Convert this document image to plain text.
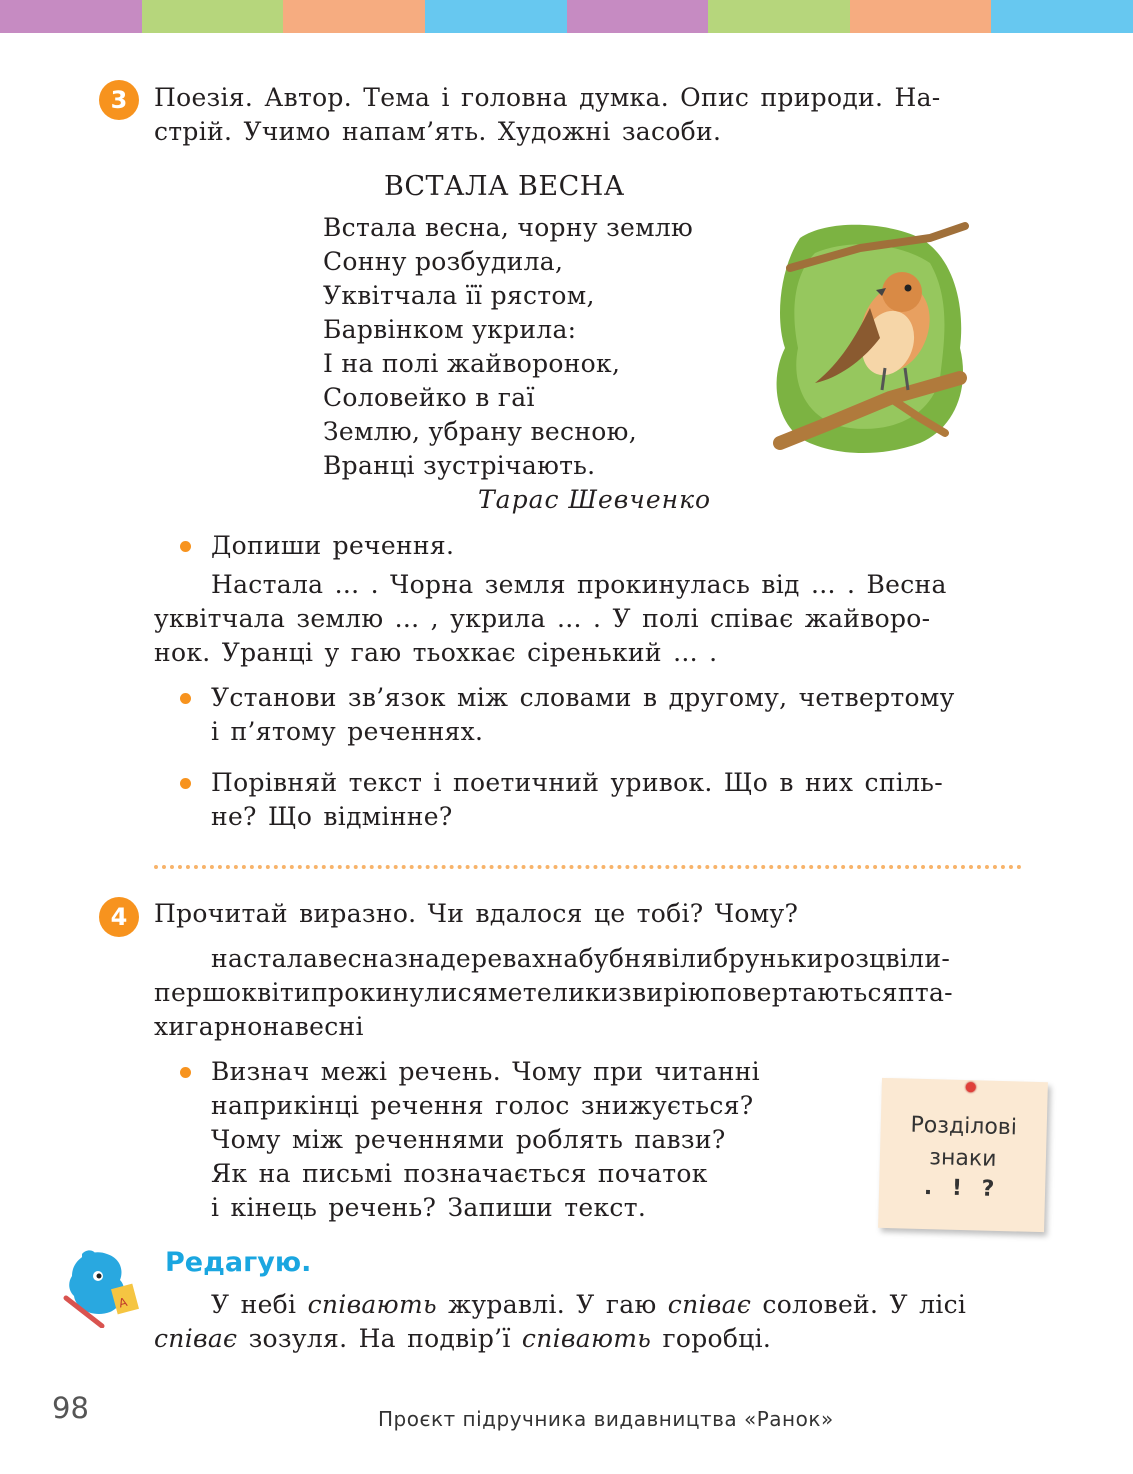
3	Поезія. Автор. Тема і головна думка. Опис природи. На-
стрій. Учимо напам’ять. Художні засоби.
ВСТАЛА ВЕСНА
Встала весна, чорну землю
Сонну розбудила,
Уквітчала її рястом,
Барвінком укрила:
І на полі жайворонок,
Соловейко в гаї
Землю, убрану весною,
Вранці зустрічають.
Тарас Шевченко
Допиши речення.
Настала ... . Чорна земля прокинулась від ... . Весна
уквітчала землю ... , укрила ... . У полі співає жайворо-
нок. Уранці у гаю тьохкає сіренький ... .
Установи зв’язок між словами в другому, четвертому
і п’ятому реченнях.
Порівняй текст і поетичний уривок. Що в них спіль-
не? Що відмінне?
4	Прочитай виразно. Чи вдалося це тобі? Чому?
насталавесназнадеревахнабубнявілибрунькирозцвіли-
першоквітипрокинулисяметеликизвиріюповертаютьсяпта-
хигарнонавесні
Визнач межі речень. Чому при читанні
наприкінці речення голос знижується?
Чому між реченнями роблять павзи?
Як на письмі позначається початок
і кінець речень? Запиши текст.
Розділові
знаки
. ! ?
А
Редагую.
У небі співають журавлі. У гаю співає соловей. У лісі
співає зозуля. На подвір’ї співають горобці.
98	Проєкт підручника видавництва «Ранок»
